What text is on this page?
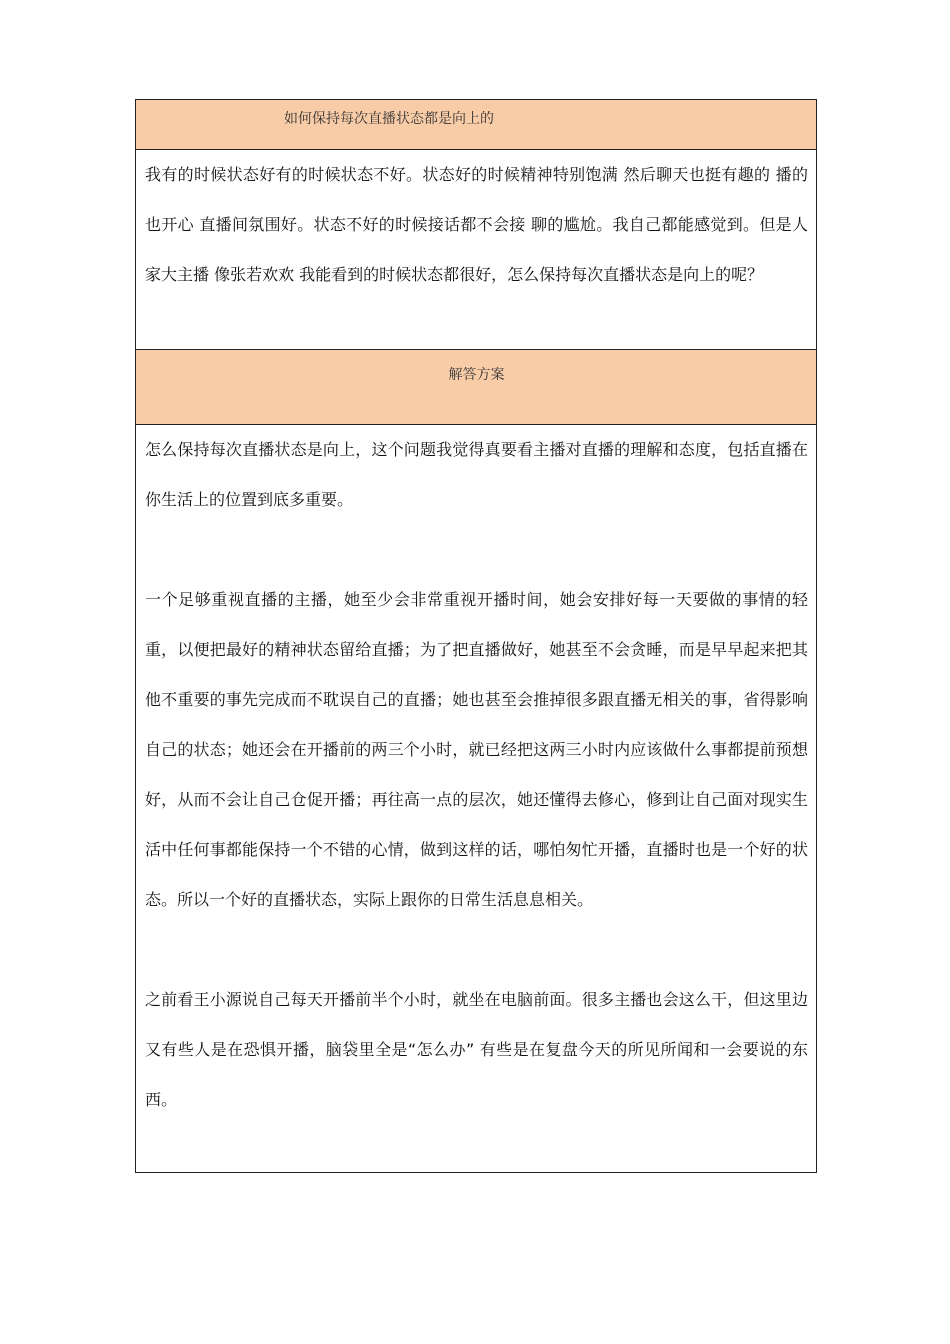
如何保持每次直播状态都是向上的

我有的时候状态好有的时候状态不好。状态好的时候精神特别饱满 然后聊天也挺有趣的 播的也开心 直播间氛围好。状态不好的时候接话都不会接 聊的尴尬。我自己都能感觉到。但是人家大主播 像张若欢欢 我能看到的时候状态都很好，怎么保持每次直播状态是向上的呢？

解答方案

怎么保持每次直播状态是向上，这个问题我觉得真要看主播对直播的理解和态度，包括直播在你生活上的位置到底多重要。

一个足够重视直播的主播，她至少会非常重视开播时间，她会安排好每一天要做的事情的轻重，以便把最好的精神状态留给直播；为了把直播做好，她甚至不会贪睡，而是早早起来把其他不重要的事先完成而不耽误自己的直播；她也甚至会推掉很多跟直播无相关的事，省得影响自己的状态；她还会在开播前的两三个小时，就已经把这两三小时内应该做什么事都提前预想好，从而不会让自己仓促开播；再往高一点的层次，她还懂得去修心，修到让自己面对现实生活中任何事都能保持一个不错的心情，做到这样的话，哪怕匆忙开播，直播时也是一个好的状态。所以一个好的直播状态，实际上跟你的日常生活息息相关。

之前看王小源说自己每天开播前半个小时，就坐在电脑前面。很多主播也会这么干，但这里边又有些人是在恐惧开播，脑袋里全是“怎么办” 有些是在复盘今天的所见所闻和一会要说的东西。
